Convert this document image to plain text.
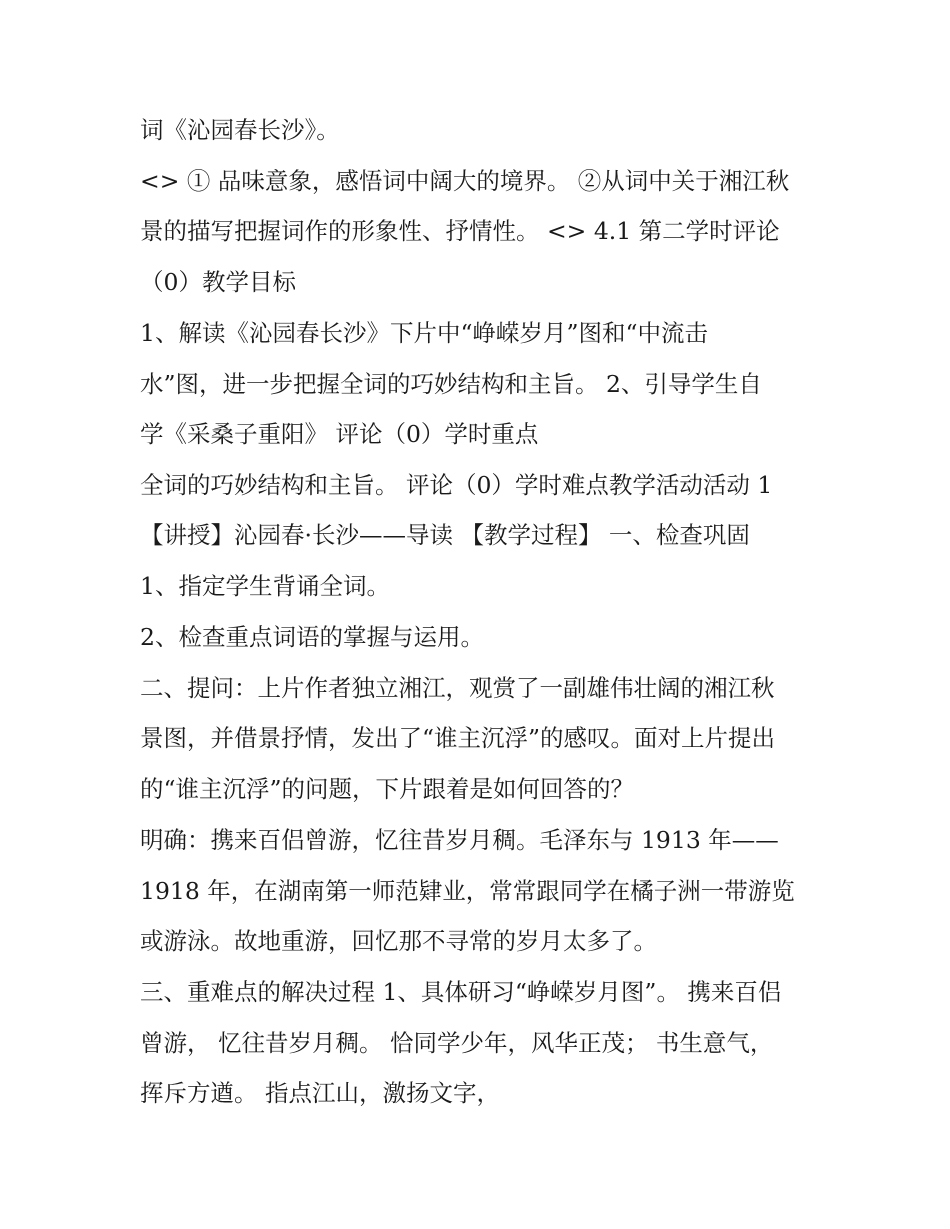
词《沁园春长沙》。
<> ① 品味意象，感悟词中阔大的境界。 ②从词中关于湘江秋
景的描写把握词作的形象性、抒情性。 <> 4.1 第二学时评论
（0）教学目标
1、解读《沁园春长沙》下片中“峥嵘岁月”图和“中流击
水”图，进一步把握全词的巧妙结构和主旨。 2、引导学生自
学《采桑子重阳》 评论（0）学时重点
全词的巧妙结构和主旨。 评论（0）学时难点教学活动活动 1
【讲授】沁园春·长沙——导读 【教学过程】 一、检查巩固
1、指定学生背诵全词。
2、检查重点词语的掌握与运用。
二、提问：上片作者独立湘江，观赏了一副雄伟壮阔的湘江秋
景图，并借景抒情，发出了“谁主沉浮”的感叹。面对上片提出
的“谁主沉浮”的问题，下片跟着是如何回答的？
明确：携来百侣曾游，忆往昔岁月稠。毛泽东与 1913 年——
1918 年，在湖南第一师范肄业，常常跟同学在橘子洲一带游览
或游泳。故地重游，回忆那不寻常的岁月太多了。
三、重难点的解决过程 1、具体研习“峥嵘岁月图”。 携来百侣
曾游， 忆往昔岁月稠。 恰同学少年，风华正茂； 书生意气，
挥斥方遒。 指点江山，激扬文字，
